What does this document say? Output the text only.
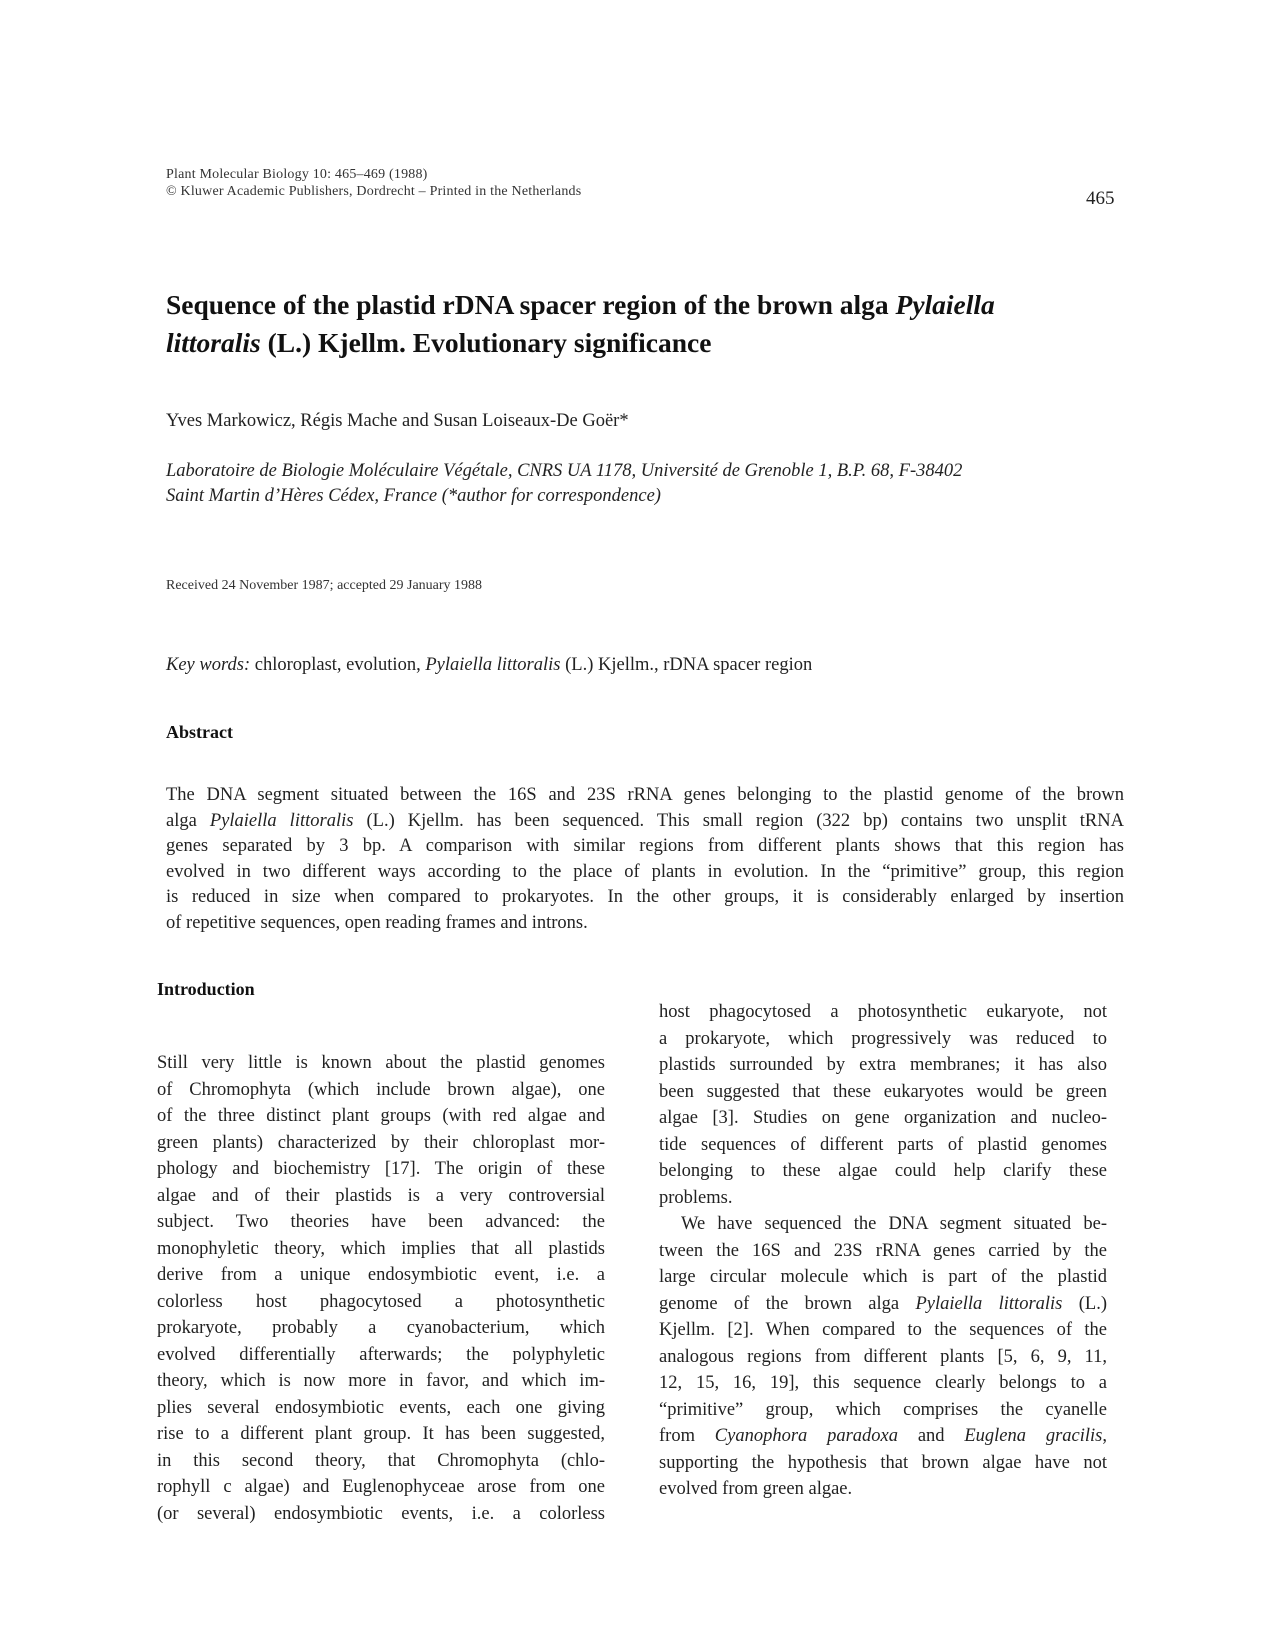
Plant Molecular Biology 10: 465–469 (1988)
© Kluwer Academic Publishers, Dordrecht – Printed in the Netherlands	465
Sequence of the plastid rDNA spacer region of the brown alga Pylaiella
littoralis (L.) Kjellm. Evolutionary significance
Yves Markowicz, Régis Mache and Susan Loiseaux-De Goër*
Laboratoire de Biologie Moléculaire Végétale, CNRS UA 1178, Université de Grenoble 1, B.P. 68, F-38402
Saint Martin d’Hères Cédex, France (*author for correspondence)
Received 24 November 1987; accepted 29 January 1988
Key words: chloroplast, evolution, Pylaiella littoralis (L.) Kjellm., rDNA spacer region
Abstract
The DNA segment situated between the 16S and 23S rRNA genes belonging to the plastid genome of the brown
alga Pylaiella littoralis (L.) Kjellm. has been sequenced. This small region (322 bp) contains two unsplit tRNA
genes separated by 3 bp. A comparison with similar regions from different plants shows that this region has
evolved in two different ways according to the place of plants in evolution. In the “primitive” group, this region
is reduced in size when compared to prokaryotes. In the other groups, it is considerably enlarged by insertion
of repetitive sequences, open reading frames and introns.
Introduction
Still very little is known about the plastid genomes
of Chromophyta (which include brown algae), one
of the three distinct plant groups (with red algae and
green plants) characterized by their chloroplast mor-
phology and biochemistry [17]. The origin of these
algae and of their plastids is a very controversial
subject. Two theories have been advanced: the
monophyletic theory, which implies that all plastids
derive from a unique endosymbiotic event, i.e. a
colorless host phagocytosed a photosynthetic
prokaryote, probably a cyanobacterium, which
evolved differentially afterwards; the polyphyletic
theory, which is now more in favor, and which im-
plies several endosymbiotic events, each one giving
rise to a different plant group. It has been suggested,
in this second theory, that Chromophyta (chlo-
rophyll c algae) and Euglenophyceae arose from one
(or several) endosymbiotic events, i.e. a colorless
host phagocytosed a photosynthetic eukaryote, not
a prokaryote, which progressively was reduced to
plastids surrounded by extra membranes; it has also
been suggested that these eukaryotes would be green
algae [3]. Studies on gene organization and nucleo-
tide sequences of different parts of plastid genomes
belonging to these algae could help clarify these
problems.
We have sequenced the DNA segment situated be-
tween the 16S and 23S rRNA genes carried by the
large circular molecule which is part of the plastid
genome of the brown alga Pylaiella littoralis (L.)
Kjellm. [2]. When compared to the sequences of the
analogous regions from different plants [5, 6, 9, 11,
12, 15, 16, 19], this sequence clearly belongs to a
“primitive” group, which comprises the cyanelle
from Cyanophora paradoxa and Euglena gracilis,
supporting the hypothesis that brown algae have not
evolved from green algae.
